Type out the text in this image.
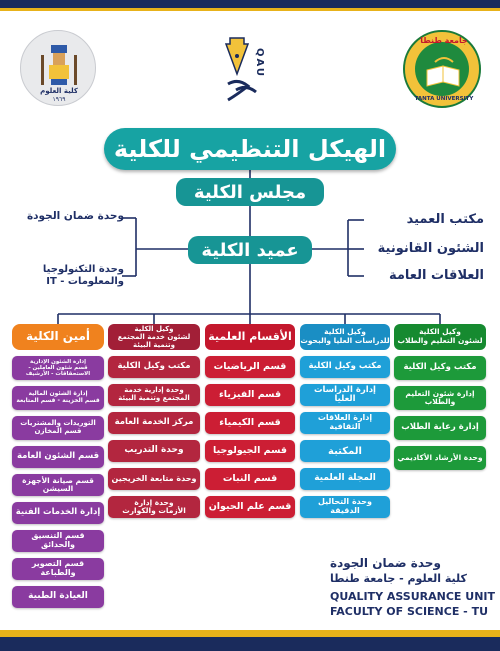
كلية العلوم
١٩٦٩
QAU
جامعة طنطا
TANTA UNIVERSITY
الهيكل التنظيمي للكلية
مجلس الكلية
عميد الكلية
وحدة ضمان الجودة
وحدة التكنولوجيا
والمعلومات - IT
مكتب العميد
الشئون القانونية
العلاقات العامة
وكيل الكلية
لشئون التعليم والطلاب
مكتب وكيل الكلية
إدارة شئون التعليم والطلاب
إدارة رعاية الطلاب
وحدة الأرشاد الأكاديمي
وكيل الكلية
للدراسات العليا والبحوث
مكتب وكيل الكلية
إدارة الدراسات العليا
إدارة العلاقات الثقافية
المكتبة
المجلة العلمية
وحدة التحاليل الدقيقة
الأقسام العلمية
قسم الرياضيات
قسم الفيزياء
قسم الكيمياء
قسم الجيولوجيا
قسم النبات
قسم علم الحيوان
وكيل الكلية
لشئون خدمة المجتمع وتنمية البيئة
مكتب وكيل الكلية
وحدة إدارية خدمة
المجتمع وتنمية البيئة
مركز الخدمة العامة
وحدة التدريب
وحدة متابعة الخريجين
وحدة إدارة
الأزمات والكوارث
أمين الكلية
إدارة الشئون الإدارية
قسم شئون العاملين - الاستحقاقات - الأرشيف
إدارة الشئون المالية
قسم الخزينة - قسم المتابعة
التوريدات والمشتريات
قسم المخازن
قسم الشئون العامة
قسم صيانة الأجهزة السيشن
إدارة الخدمات الفنية
قسم التنسيق والحدائق
قسم التصوير والطباعة
العيادة الطبية
وحدة ضمان الجودة
كلية العلوم - جامعة طنطا
QUALITY ASSURANCE UNIT
FACULTY OF SCIENCE - TU
